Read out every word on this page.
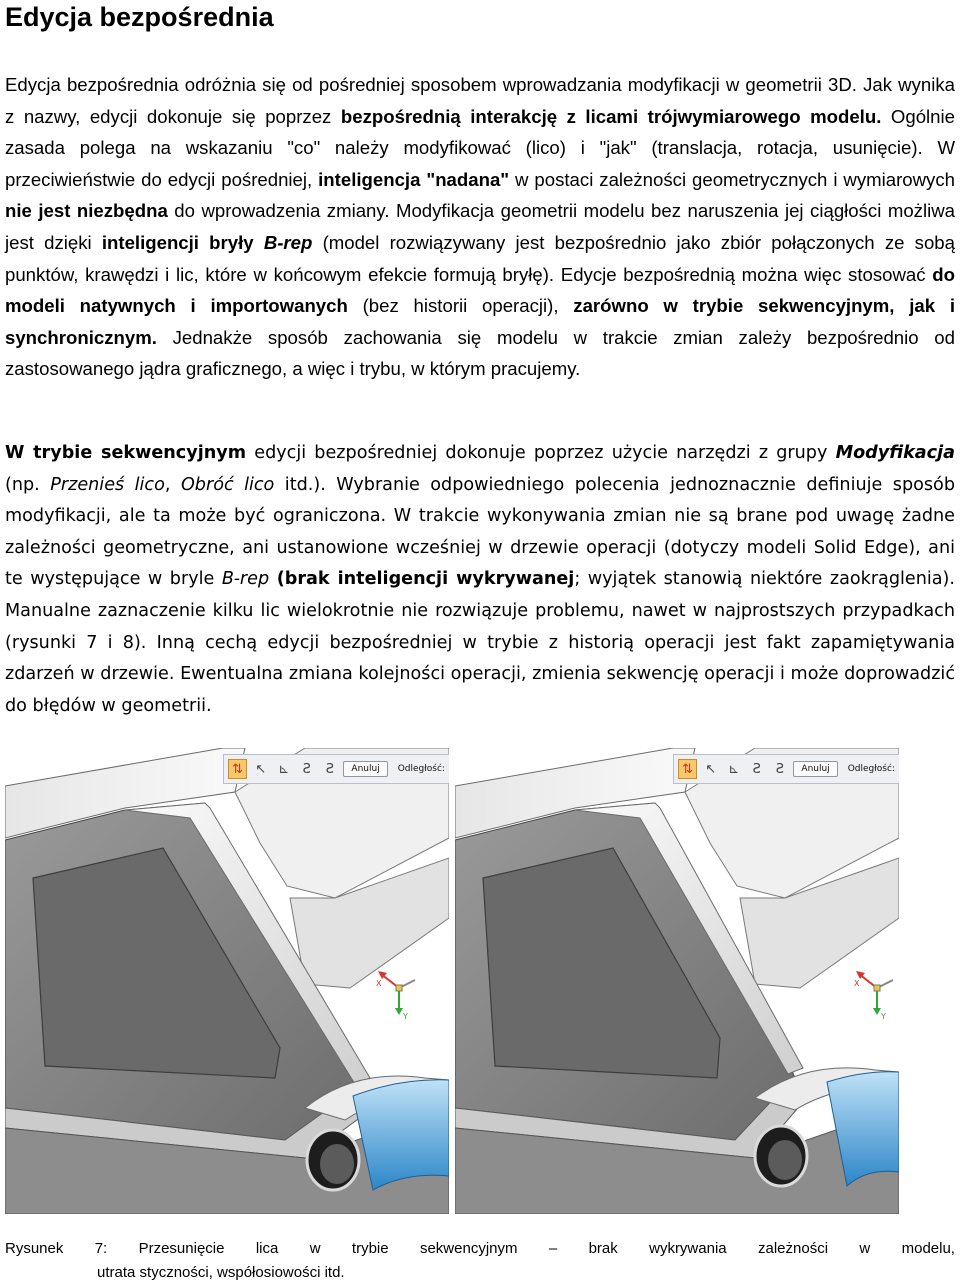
Edycja bezpośrednia

Edycja bezpośrednia odróżnia się od pośredniej sposobem wprowadzania modyfikacji w geometrii 3D. Jak wynika z nazwy, edycji dokonuje się poprzez bezpośrednią interakcję z licami trójwymiarowego modelu. Ogólnie zasada polega na wskazaniu "co" należy modyfikować (lico) i "jak" (translacja, rotacja, usunięcie). W przeciwieństwie do edycji pośredniej, inteligencja "nadana" w postaci zależności geometrycznych i wymiarowych nie jest niezbędna do wprowadzenia zmiany. Modyfikacja geometrii modelu bez naruszenia jej ciągłości możliwa jest dzięki inteligencji bryły B-rep (model rozwiązywany jest bezpośrednio jako zbiór połączonych ze sobą punktów, krawędzi i lic, które w końcowym efekcie formują bryłę). Edycje bezpośrednią można więc stosować do modeli natywnych i importowanych (bez historii operacji), zarówno w trybie sekwencyjnym, jak i synchronicznym. Jednakże sposób zachowania się modelu w trakcie zmian zależy bezpośrednio od zastosowanego jądra graficznego, a więc i trybu, w którym pracujemy.

W trybie sekwencyjnym edycji bezpośredniej dokonuje poprzez użycie narzędzi z grupy Modyfikacja (np. Przenieś lico, Obróć lico itd.). Wybranie odpowiedniego polecenia jednoznacznie definiuje sposób modyfikacji, ale ta może być ograniczona. W trakcie wykonywania zmian nie są brane pod uwagę żadne zależności geometryczne, ani ustanowione wcześniej w drzewie operacji (dotyczy modeli Solid Edge), ani te występujące w bryle B-rep (brak inteligencji wykrywanej; wyjątek stanowią niektóre zaokrąglenia). Manualne zaznaczenie kilku lic wielokrotnie nie rozwiązuje problemu, nawet w najprostszych przypadkach (rysunki 7 i 8). Inną cechą edycji bezpośredniej w trybie z historią operacji jest fakt zapamiętywania zdarzeń w drzewie. Ewentualna zmiana kolejności operacji, zmienia sekwencję operacji i może doprowadzić do błędów w geometrii.

⇅ ↖ ⊾	Ƨ	Ƨ	Anuluj	Odległość:
X
Y
⇅ ↖ ⊾	Ƨ	Ƨ	Anuluj	Odległość:
X
Y
Rysunek 7: Przesunięcie lica w trybie sekwencyjnym – brak wykrywania zależności w modelu,
utrata styczności, współosiowości itd.
